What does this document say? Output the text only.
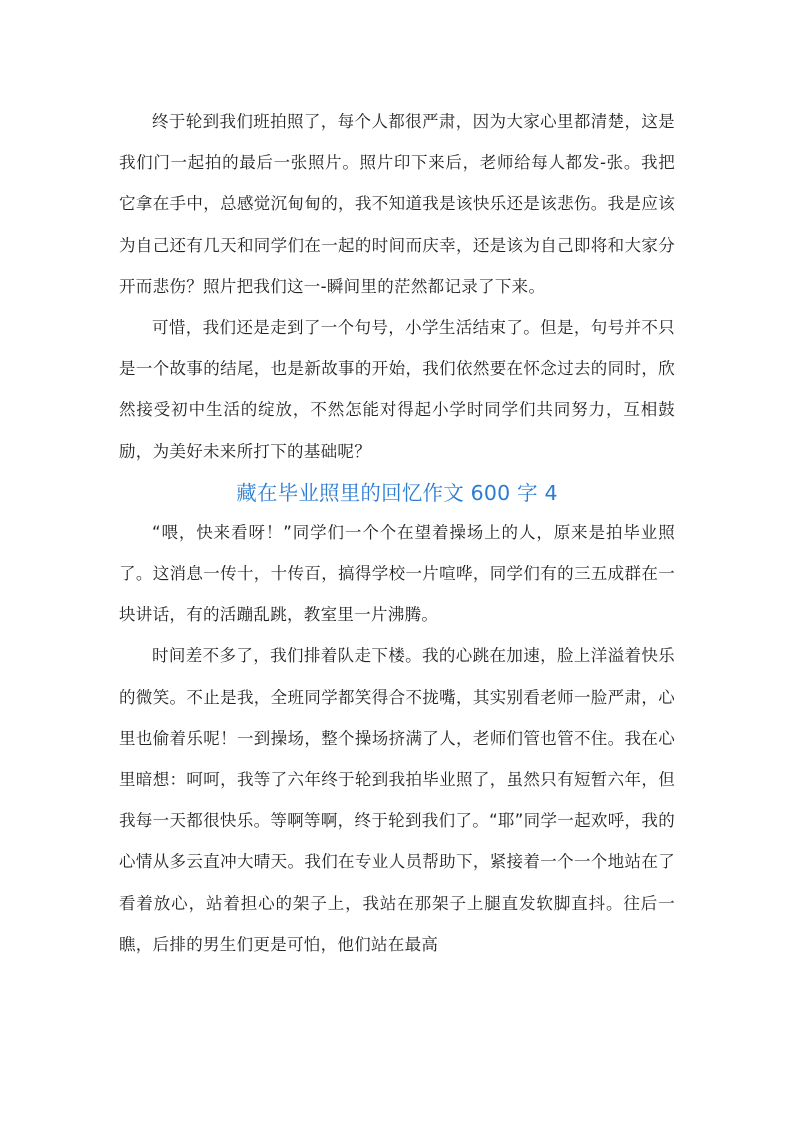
终于轮到我们班拍照了，每个人都很严肃，因为大家心里都清楚，这是我们门一起拍的最后一张照片。照片印下来后，老师给每人都发-张。我把它拿在手中，总感觉沉甸甸的，我不知道我是该快乐还是该悲伤。我是应该为自己还有几天和同学们在一起的时间而庆幸，还是该为自己即将和大家分开而悲伤？照片把我们这一-瞬间里的茫然都记录了下来。

可惜，我们还是走到了一个句号，小学生活结束了。但是，句号并不只是一个故事的结尾，也是新故事的开始，我们依然要在怀念过去的同时，欣然接受初中生活的绽放，不然怎能对得起小学时同学们共同努力，互相鼓励，为美好未来所打下的基础呢？

藏在毕业照里的回忆作文 600 字 4

“喂，快来看呀！”同学们一个个在望着操场上的人，原来是拍毕业照了。这消息一传十，十传百，搞得学校一片喧哗，同学们有的三五成群在一块讲话，有的活蹦乱跳，教室里一片沸腾。

时间差不多了，我们排着队走下楼。我的心跳在加速，脸上洋溢着快乐的微笑。不止是我，全班同学都笑得合不拢嘴，其实别看老师一脸严肃，心里也偷着乐呢！一到操场，整个操场挤满了人，老师们管也管不住。我在心里暗想：呵呵，我等了六年终于轮到我拍毕业照了，虽然只有短暂六年，但我每一天都很快乐。等啊等啊，终于轮到我们了。“耶”同学一起欢呼，我的心情从多云直冲大晴天。我们在专业人员帮助下，紧接着一个一个地站在了看着放心，站着担心的架子上，我站在那架子上腿直发软脚直抖。往后一瞧，后排的男生们更是可怕，他们站在最高
